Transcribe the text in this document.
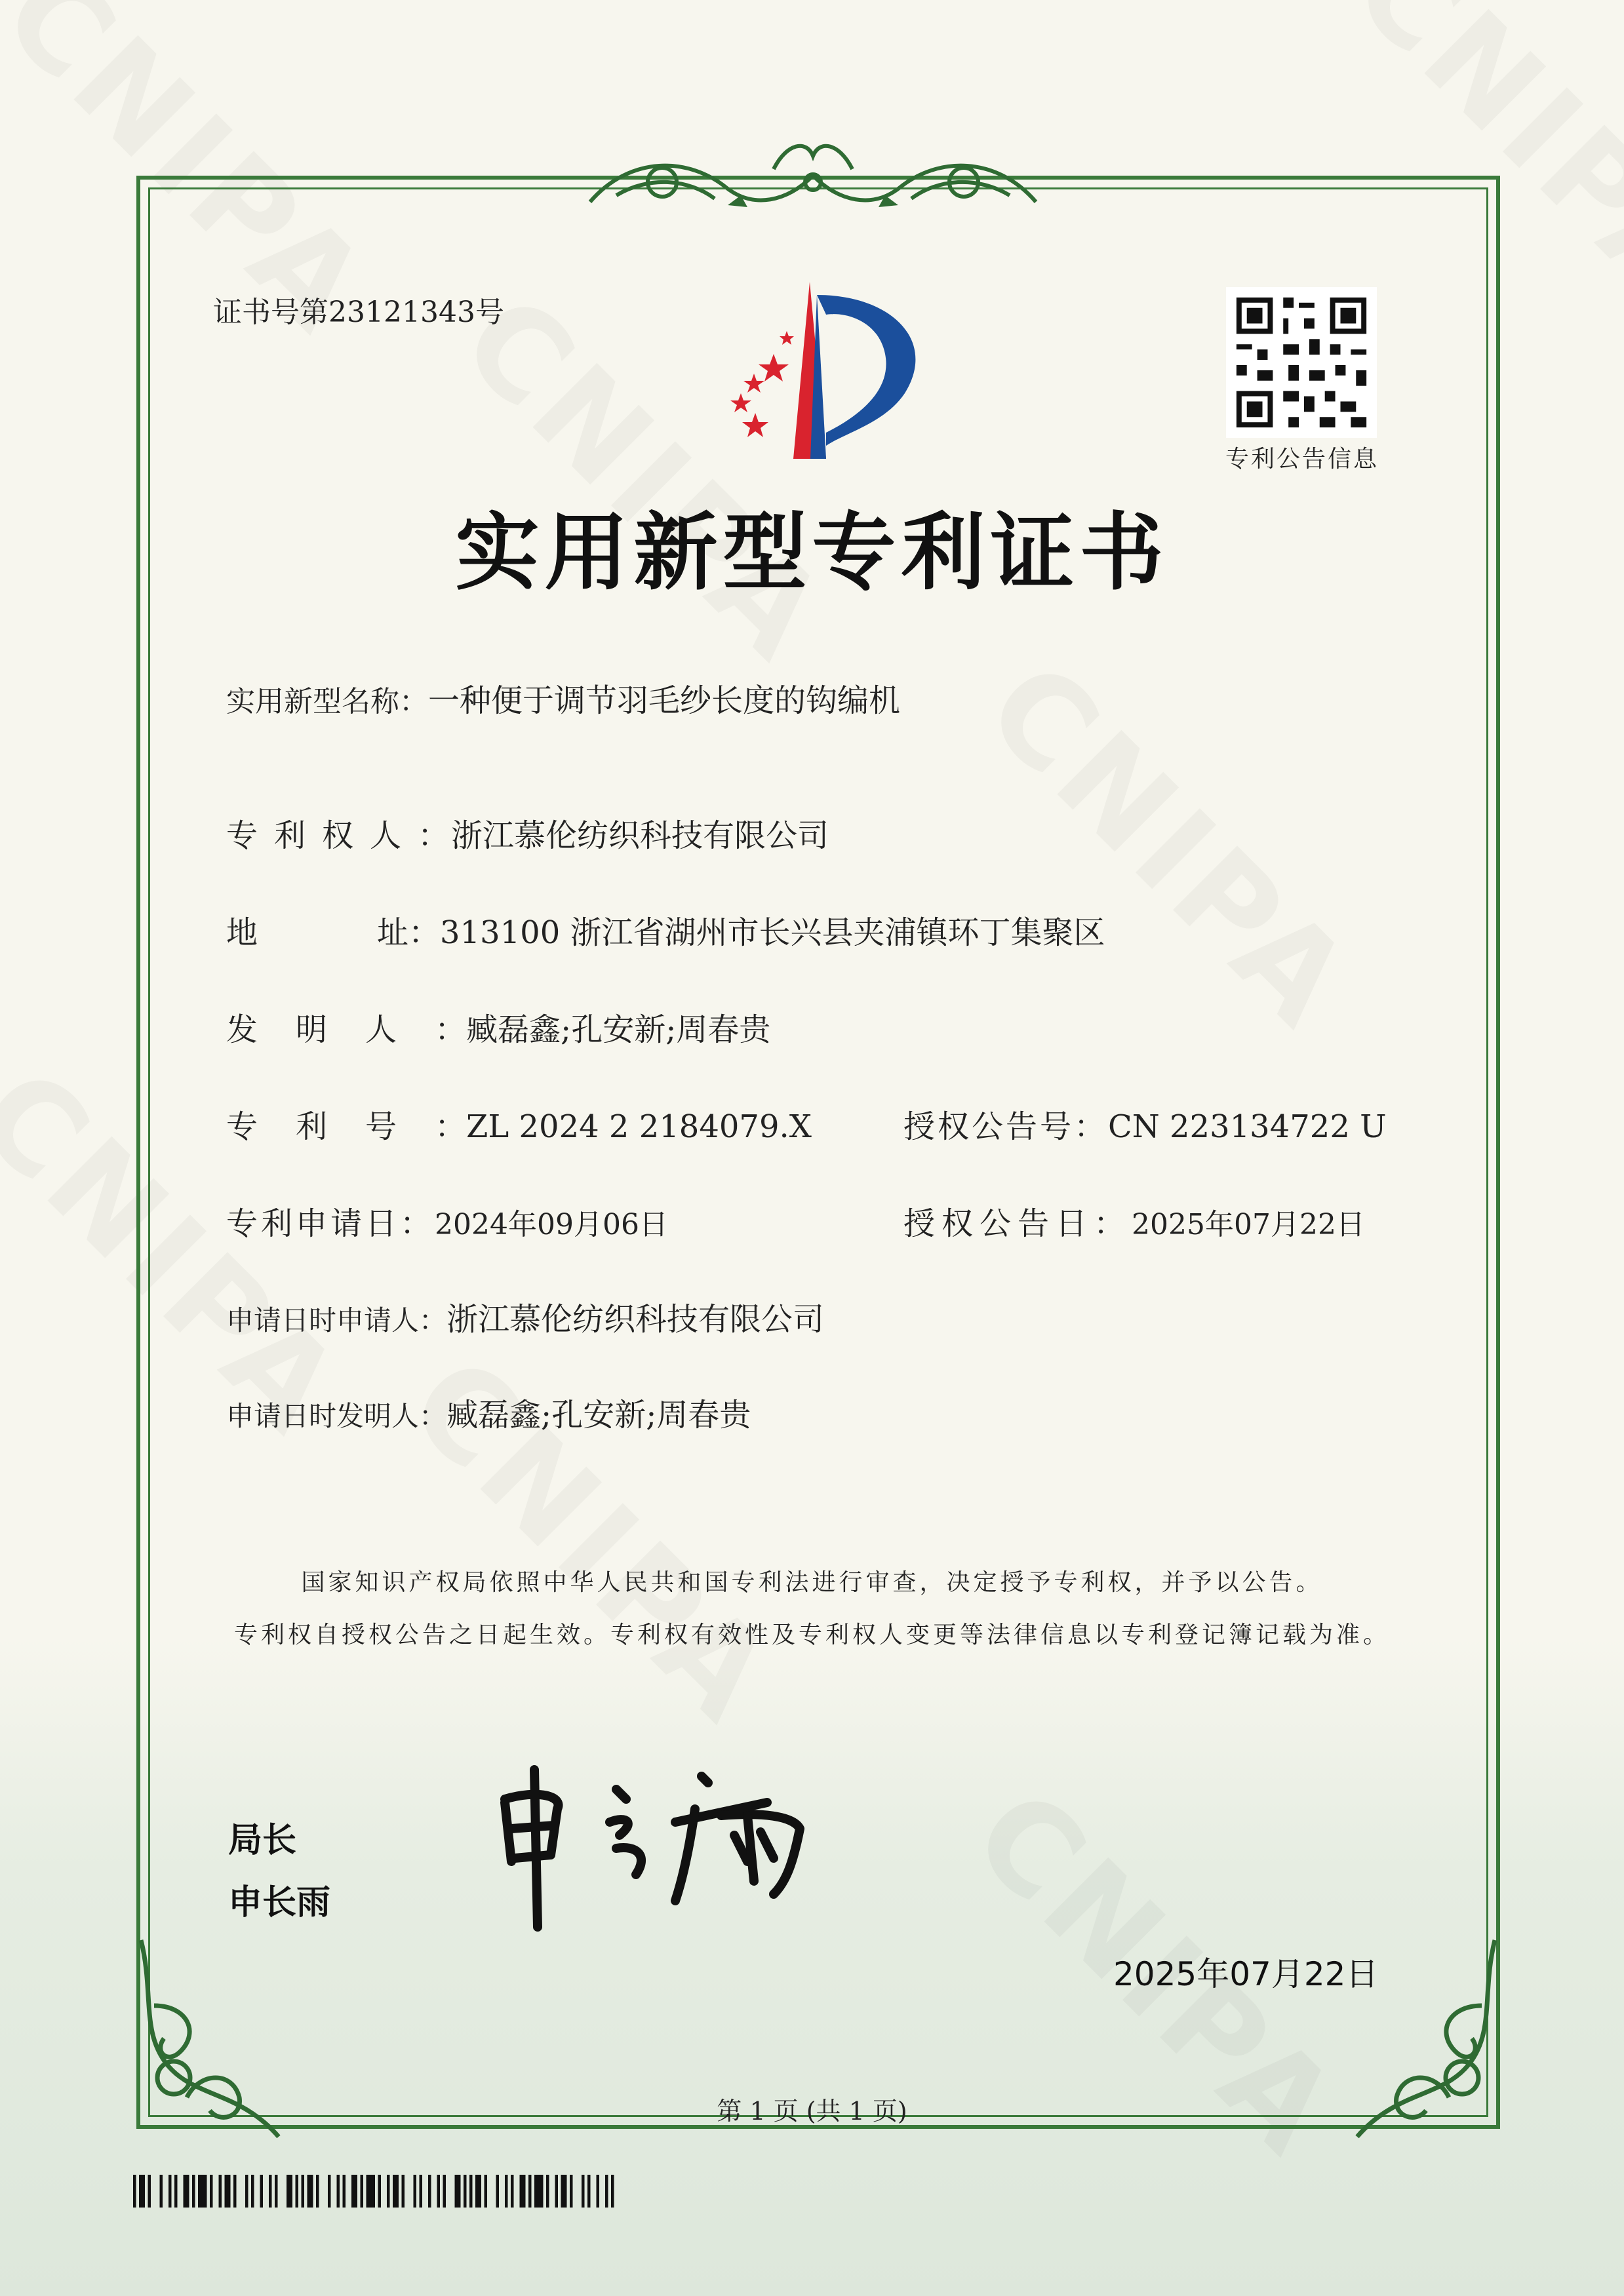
证书号第23121343号
专利公告信息
实用新型专利证书
实用新型名称：一种便于调节羽毛纱长度的钩编机
专利权人：浙江慕伦纺织科技有限公司
地	址：313100 浙江省湖州市长兴县夹浦镇环丁集聚区
发明人：臧磊鑫;孔安新;周春贵
专利号：ZL 2024 2 2184079.X	授权公告号：CN 223134722 U
专利申请日：2024年09月06日	授权公告日：2025年07月22日
申请日时申请人：浙江慕伦纺织科技有限公司
申请日时发明人：臧磊鑫;孔安新;周春贵
国家知识产权局依照中华人民共和国专利法进行审查，决定授予专利权，并予以公告。
专利权自授权公告之日起生效。专利权有效性及专利权人变更等法律信息以专利登记簿记载为准。
局长
申长雨
2025年07月22日
第 1 页 (共 1 页)
